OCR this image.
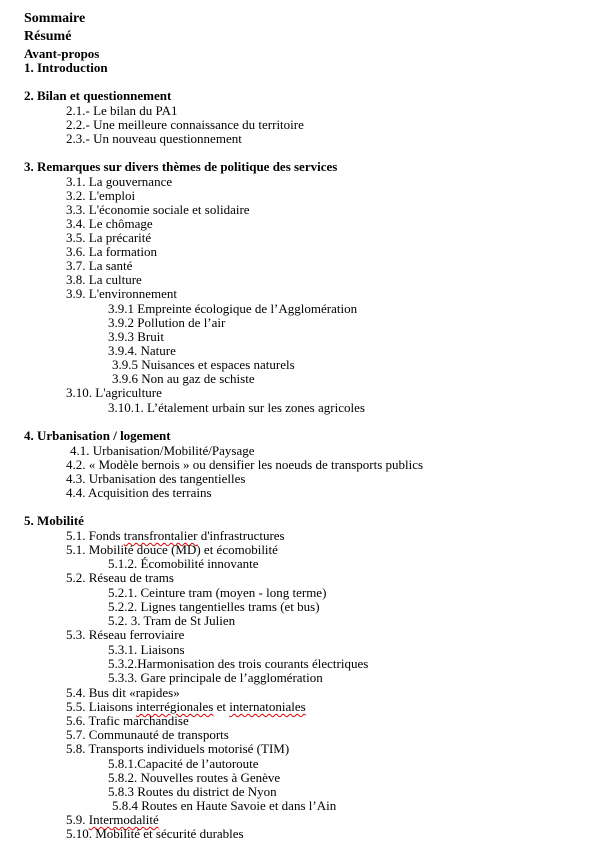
Sommaire
Résumé
Avant-propos
1. Introduction
2. Bilan et questionnement
2.1.- Le bilan du PA1
2.2.- Une meilleure connaissance du territoire
2.3.- Un nouveau questionnement
3. Remarques sur divers thèmes de politique des services
3.1. La gouvernance
3.2. L'emploi
3.3. L'économie sociale et solidaire
3.4. Le chômage
3.5. La précarité
3.6. La formation
3.7. La santé
3.8. La culture
3.9. L'environnement
3.9.1 Empreinte écologique de l’Agglomération
3.9.2 Pollution de l’air
3.9.3 Bruit
3.9.4. Nature
3.9.5 Nuisances et espaces naturels
3.9.6 Non au gaz de schiste
3.10. L'agriculture
3.10.1. L’étalement urbain sur les zones agricoles
4. Urbanisation / logement
4.1. Urbanisation/Mobilité/Paysage
4.2. « Modèle bernois » ou densifier les noeuds de transports publics
4.3. Urbanisation des tangentielles
4.4. Acquisition des terrains
5. Mobilité
5.1. Fonds transfrontalier d'infrastructures
5.1. Mobilité douce (MD) et écomobilité
5.1.2. Écomobilité innovante
5.2. Réseau de trams
5.2.1. Ceinture tram (moyen - long terme)
5.2.2. Lignes tangentielles trams (et bus)
5.2. 3. Tram de St Julien
5.3. Réseau ferroviaire
5.3.1. Liaisons
5.3.2.Harmonisation des trois courants électriques
5.3.3. Gare principale de l’agglomération
5.4. Bus dit «rapides»
5.5. Liaisons interrégionales et internatoniales
5.6. Trafic marchandise
5.7. Communauté de transports
5.8. Transports individuels motorisé (TIM)
5.8.1.Capacité de l’autoroute
5.8.2. Nouvelles routes à Genève
5.8.3 Routes du district de Nyon
5.8.4 Routes en Haute Savoie et dans l’Ain
5.9. Intermodalité
5.10. Mobilité et sécurité durables
